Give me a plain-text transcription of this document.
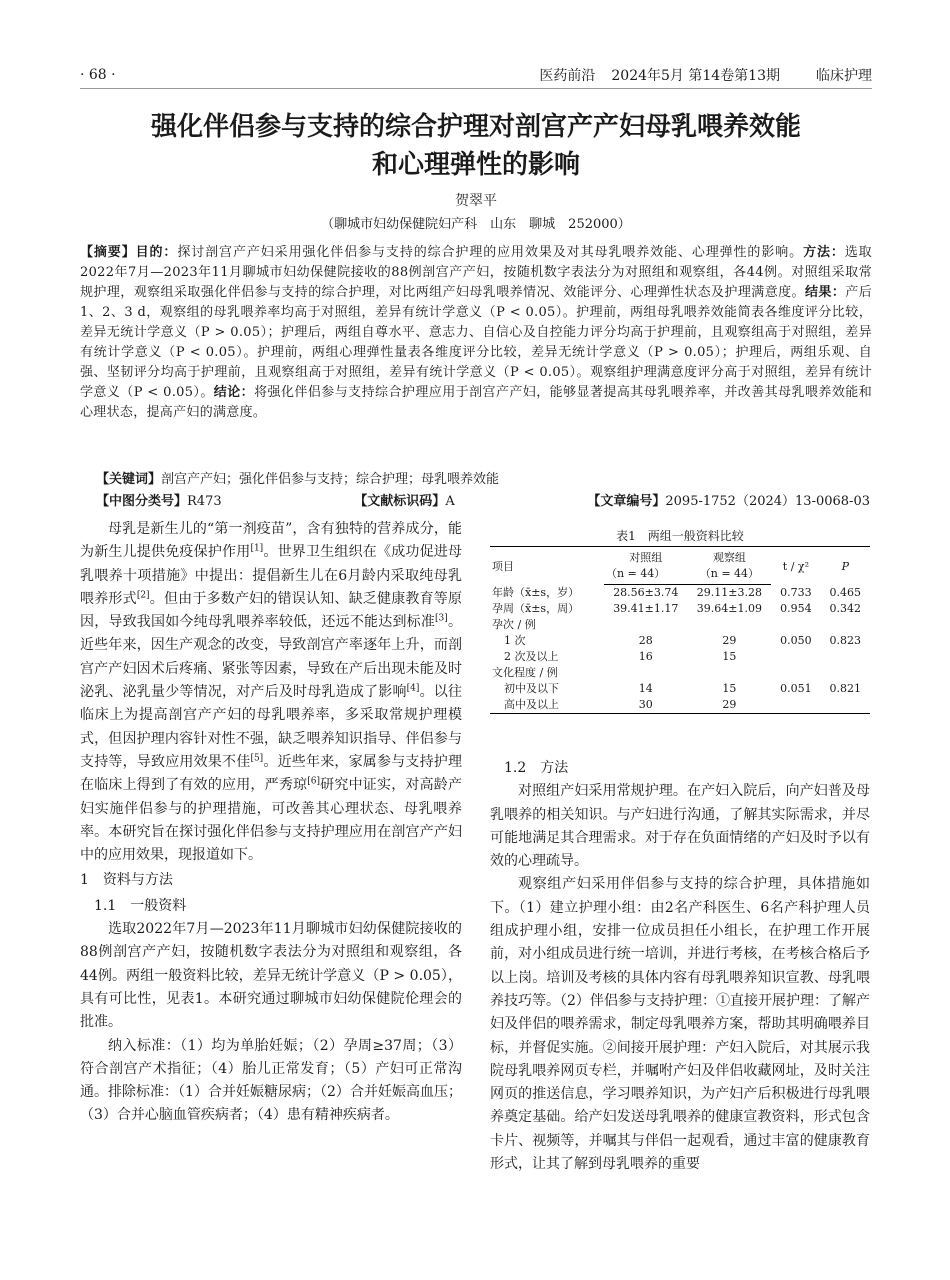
· 68 ·	医药前沿 2024年5月 第14卷第13期	临床护理
强化伴侣参与支持的综合护理对剖宫产产妇母乳喂养效能
和心理弹性的影响
贺翠平
（聊城市妇幼保健院妇产科　山东　聊城　252000）
【摘要】目的：探讨剖宫产产妇采用强化伴侣参与支持的综合护理的应用效果及对其母乳喂养效能、心理弹性的影响。方法：选取2022年7月—2023年11月聊城市妇幼保健院接收的88例剖宫产产妇，按随机数字表法分为对照组和观察组，各44例。对照组采取常规护理，观察组采取强化伴侣参与支持的综合护理，对比两组产妇母乳喂养情况、效能评分、心理弹性状态及护理满意度。结果：产后1、2、3 d，观察组的母乳喂养率均高于对照组，差异有统计学意义（P < 0.05）。护理前，两组母乳喂养效能简表各维度评分比较，差异无统计学意义（P > 0.05）；护理后，两组自尊水平、意志力、自信心及自控能力评分均高于护理前，且观察组高于对照组，差异有统计学意义（P < 0.05）。护理前，两组心理弹性量表各维度评分比较，差异无统计学意义（P > 0.05）；护理后，两组乐观、自强、坚韧评分均高于护理前，且观察组高于对照组，差异有统计学意义（P < 0.05）。观察组护理满意度评分高于对照组，差异有统计学意义（P < 0.05）。结论：将强化伴侣参与支持综合护理应用于剖宫产产妇，能够显著提高其母乳喂养率，并改善其母乳喂养效能和心理状态，提高产妇的满意度。
【关键词】剖宫产产妇；强化伴侣参与支持；综合护理；母乳喂养效能
【中图分类号】R473	【文献标识码】A	【文章编号】2095-1752（2024）13-0068-03

母乳是新生儿的“第一剂疫苗”，含有独特的营养成分，能为新生儿提供免疫保护作用[1]。世界卫生组织在《成功促进母乳喂养十项措施》中提出：提倡新生儿在6月龄内采取纯母乳喂养形式[2]。但由于多数产妇的错误认知、缺乏健康教育等原因，导致我国如今纯母乳喂养率较低，还远不能达到标准[3]。近些年来，因生产观念的改变，导致剖宫产率逐年上升，而剖宫产产妇因术后疼痛、紧张等因素，导致在产后出现未能及时泌乳、泌乳量少等情况，对产后及时母乳造成了影响[4]。以往临床上为提高剖宫产产妇的母乳喂养率，多采取常规护理模式，但因护理内容针对性不强，缺乏喂养知识指导、伴侣参与支持等，导致应用效果不佳[5]。近些年来，家属参与支持护理在临床上得到了有效的应用，严秀琼[6]研究中证实，对高龄产妇实施伴侣参与的护理措施，可改善其心理状态、母乳喂养率。本研究旨在探讨强化伴侣参与支持护理应用在剖宫产产妇中的应用效果，现报道如下。

1　资料与方法

1.1　一般资料

选取2022年7月—2023年11月聊城市妇幼保健院接收的88例剖宫产产妇，按随机数字表法分为对照组和观察组，各44例。两组一般资料比较，差异无统计学意义（P > 0.05），具有可比性，见表1。本研究通过聊城市妇幼保健院伦理会的批准。

纳入标准：（1）均为单胎妊娠；（2）孕周≥37周；（3）符合剖宫产术指征；（4）胎儿正常发育；（5）产妇可正常沟通。排除标准：（1）合并妊娠糖尿病；（2）合并妊娠高血压；（3）合并心脑血管疾病者；（4）患有精神疾病者。

表1　两组一般资料比较
项目	对照组	观察组	t / χ²	P
	（n = 44）	（n = 44）		
年龄（x̄±s，岁）	28.56±3.74	29.11±3.28	0.733	0.465
孕周（x̄±s，周）	39.41±1.17	39.64±1.09	0.954	0.342
孕次 / 例				
1 次	28	29	0.050	0.823
2 次及以上	16	15		
文化程度 / 例				
初中及以下	14	15	0.051	0.821
高中及以上	30	29		

1.2　方法

对照组产妇采用常规护理。在产妇入院后，向产妇普及母乳喂养的相关知识。与产妇进行沟通，了解其实际需求，并尽可能地满足其合理需求。对于存在负面情绪的产妇及时予以有效的心理疏导。

观察组产妇采用伴侣参与支持的综合护理，具体措施如下。（1）建立护理小组：由2名产科医生、6名产科护理人员组成护理小组，安排一位成员担任小组长，在护理工作开展前，对小组成员进行统一培训，并进行考核，在考核合格后予以上岗。培训及考核的具体内容有母乳喂养知识宣教、母乳喂养技巧等。（2）伴侣参与支持护理：①直接开展护理：了解产妇及伴侣的喂养需求，制定母乳喂养方案，帮助其明确喂养目标，并督促实施。②间接开展护理：产妇入院后，对其展示我院母乳喂养网页专栏，并嘱咐产妇及伴侣收藏网址，及时关注网页的推送信息，学习喂养知识，为产妇产后积极进行母乳喂养奠定基础。给产妇发送母乳喂养的健康宣教资料，形式包含卡片、视频等，并嘱其与伴侣一起观看，通过丰富的健康教育形式，让其了解到母乳喂养的重要
